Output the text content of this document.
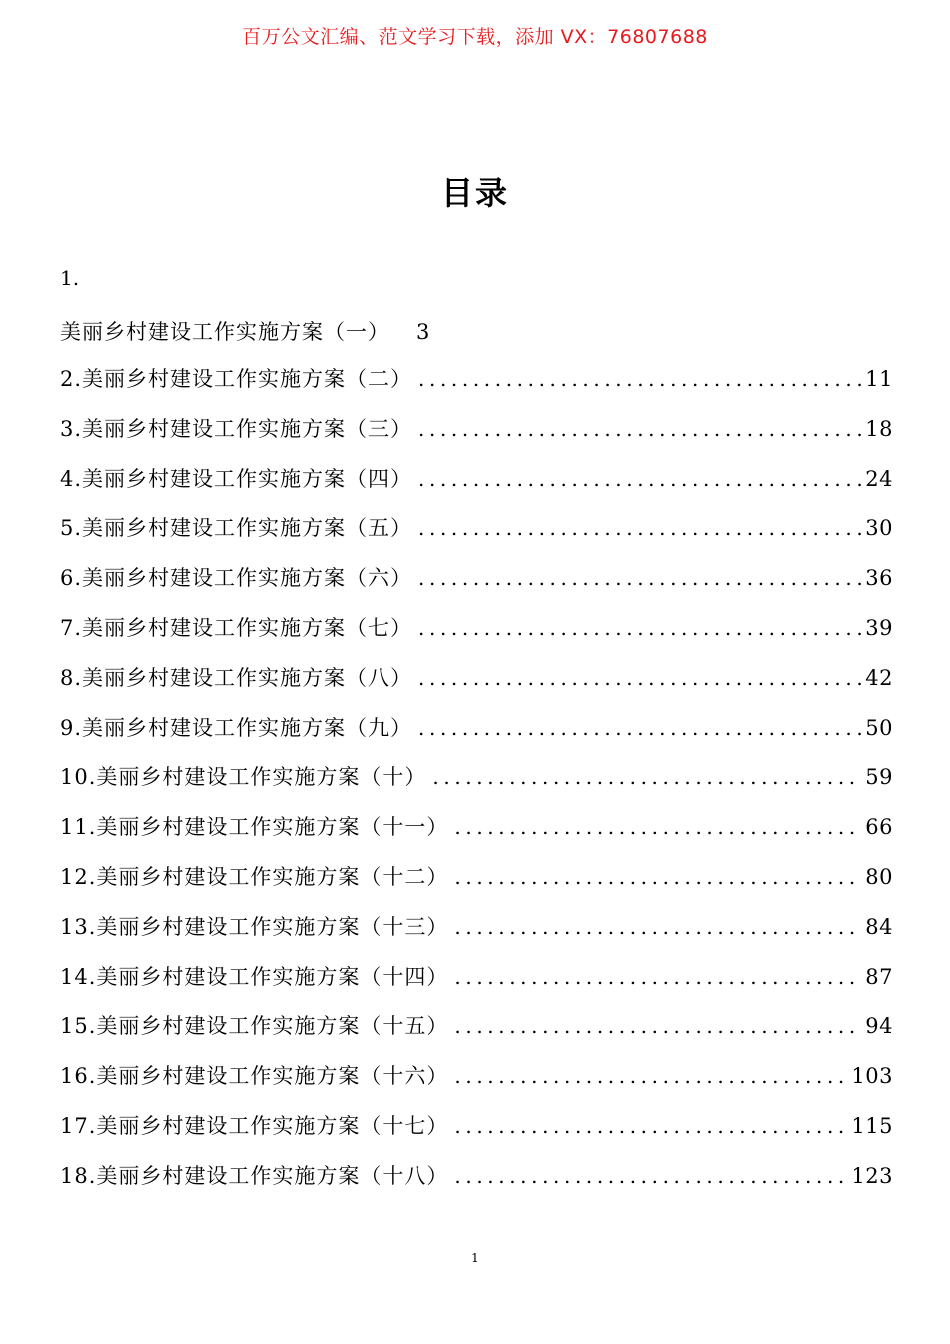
百万公文汇编、范文学习下载，添加 VX：76807688
目录
1.
美丽乡村建设工作实施方案（一） 3
2.美丽乡村建设工作实施方案（二） .....	11
3.美丽乡村建设工作实施方案（三） .....	18
4.美丽乡村建设工作实施方案（四） .....	24
5.美丽乡村建设工作实施方案（五） .....	30
6.美丽乡村建设工作实施方案（六） .....	36
7.美丽乡村建设工作实施方案（七） .....	39
8.美丽乡村建设工作实施方案（八） .....	42
9.美丽乡村建设工作实施方案（九） .....	50
10.美丽乡村建设工作实施方案（十） .....	59
11.美丽乡村建设工作实施方案（十一） .....	66
12.美丽乡村建设工作实施方案（十二） .....	80
13.美丽乡村建设工作实施方案（十三） .....	84
14.美丽乡村建设工作实施方案（十四） .....	87
15.美丽乡村建设工作实施方案（十五） .....	94
16.美丽乡村建设工作实施方案（十六） .....	103
17.美丽乡村建设工作实施方案（十七） .....	115
18.美丽乡村建设工作实施方案（十八） .....	123
1
